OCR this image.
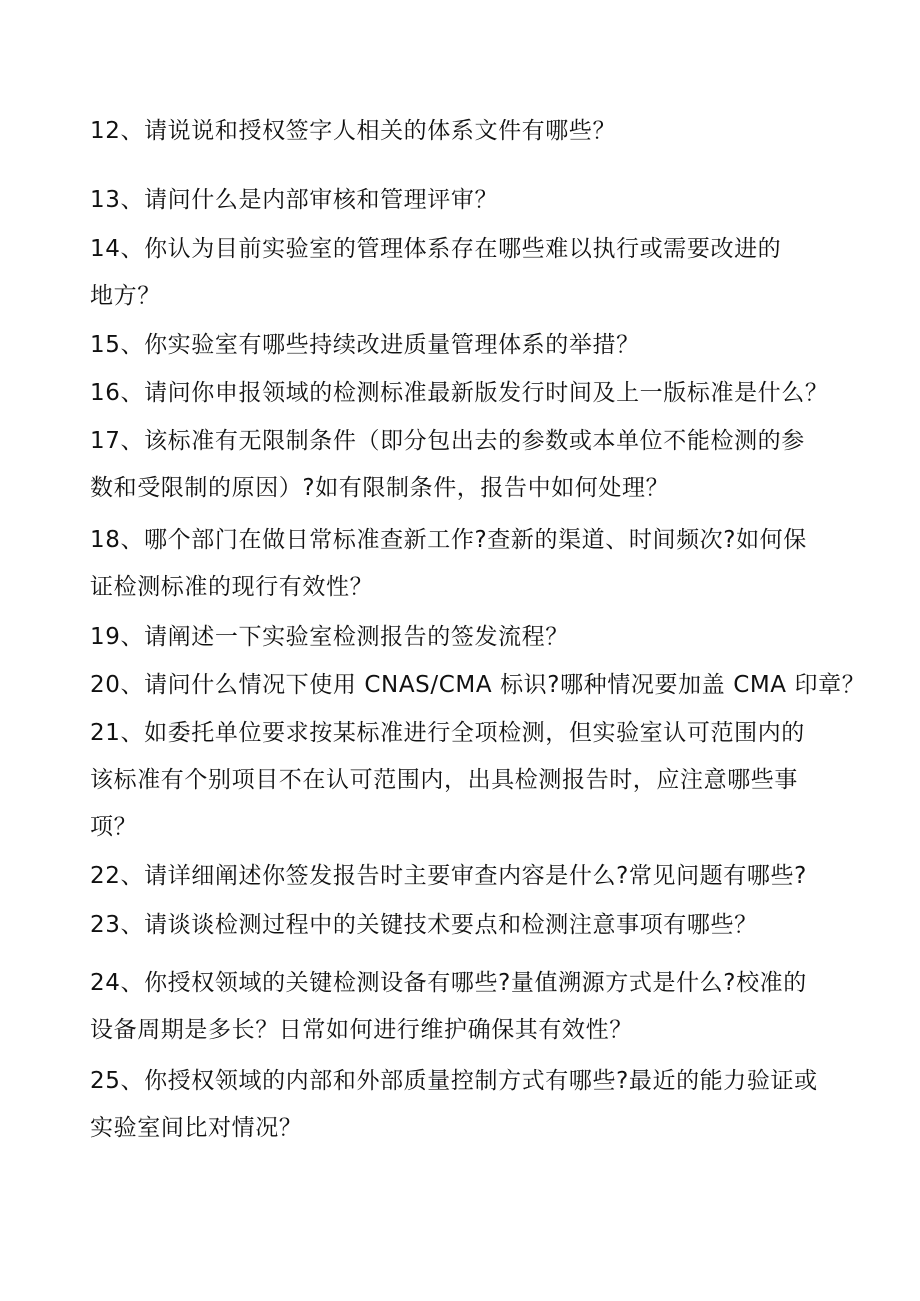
12、请说说和授权签字人相关的体系文件有哪些？
13、请问什么是内部审核和管理评审？
14、你认为目前实验室的管理体系存在哪些难以执行或需要改进的
地方？
15、你实验室有哪些持续改进质量管理体系的举措？
16、请问你申报领域的检测标准最新版发行时间及上一版标准是什么？
17、该标准有无限制条件（即分包出去的参数或本单位不能检测的参
数和受限制的原因）?如有限制条件，报告中如何处理？
18、哪个部门在做日常标准查新工作?查新的渠道、时间频次?如何保
证检测标准的现行有效性？
19、请阐述一下实验室检测报告的签发流程？
20、请问什么情况下使用 CNAS/CMA 标识?哪种情况要加盖 CMA 印章？
21、如委托单位要求按某标准进行全项检测，但实验室认可范围内的
该标准有个别项目不在认可范围内，出具检测报告时，应注意哪些事
项？
22、请详细阐述你签发报告时主要审查内容是什么?常见问题有哪些?
23、请谈谈检测过程中的关键技术要点和检测注意事项有哪些？
24、你授权领域的关键检测设备有哪些?量值溯源方式是什么?校准的
设备周期是多长？日常如何进行维护确保其有效性？
25、你授权领域的内部和外部质量控制方式有哪些?最近的能力验证或
实验室间比对情况？
